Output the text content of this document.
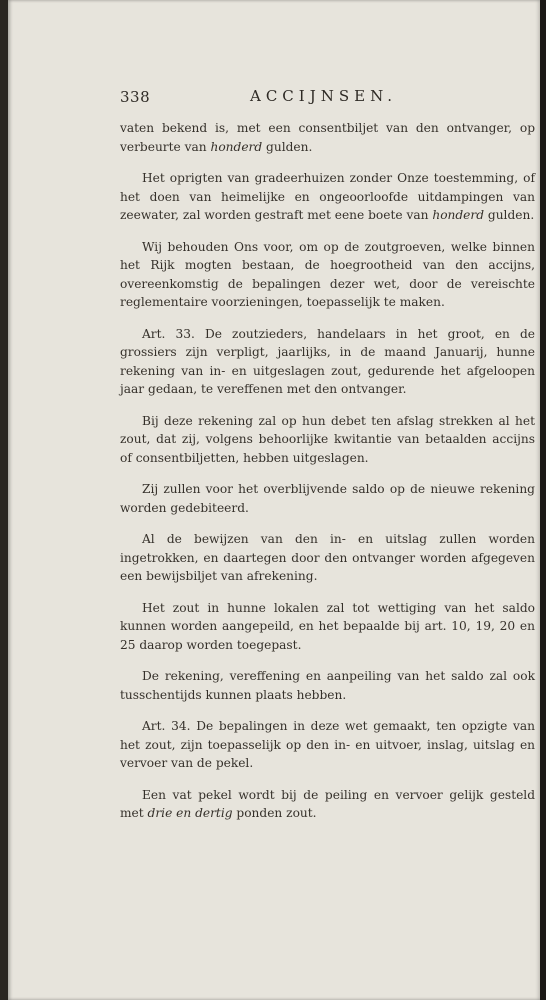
338	ACCIJNSEN.

vaten bekend is, met een consentbiljet van den ontvanger, op verbeurte van honderd gulden.

Het oprigten van gradeerhuizen zonder Onze toestemming, of het doen van heimelijke en ongeoorloofde uitdampingen van zeewater, zal worden gestraft met eene boete van honderd gulden.

Wij behouden Ons voor, om op de zoutgroeven, welke binnen het Rijk mogten bestaan, de hoegrootheid van den accijns, overeenkomstig de bepalingen dezer wet, door de vereischte reglementaire voorzieningen, toepasselijk te maken.

Art. 33. De zoutzieders, handelaars in het groot, en de grossiers zijn verpligt, jaarlijks, in de maand Januarij, hunne rekening van in- en uitgeslagen zout, gedurende het afgeloopen jaar gedaan, te vereffenen met den ontvanger.

Bij deze rekening zal op hun debet ten afslag strekken al het zout, dat zij, volgens behoorlijke kwitantie van betaalden accijns of consentbiljetten, hebben uitgeslagen.

Zij zullen voor het overblijvende saldo op de nieuwe rekening worden gedebiteerd.

Al de bewijzen van den in- en uitslag zullen worden ingetrokken, en daartegen door den ontvanger worden afgegeven een bewijsbiljet van afrekening.

Het zout in hunne lokalen zal tot wettiging van het saldo kunnen worden aangepeild, en het bepaalde bij art. 10, 19, 20 en 25 daarop worden toegepast.

De rekening, vereffening en aanpeiling van het saldo zal ook tusschentijds kunnen plaats hebben.

Art. 34. De bepalingen in deze wet gemaakt, ten opzigte van het zout, zijn toepasselijk op den in- en uitvoer, inslag, uitslag en vervoer van de pekel.

Een vat pekel wordt bij de peiling en vervoer gelijk gesteld met drie en dertig ponden zout.
